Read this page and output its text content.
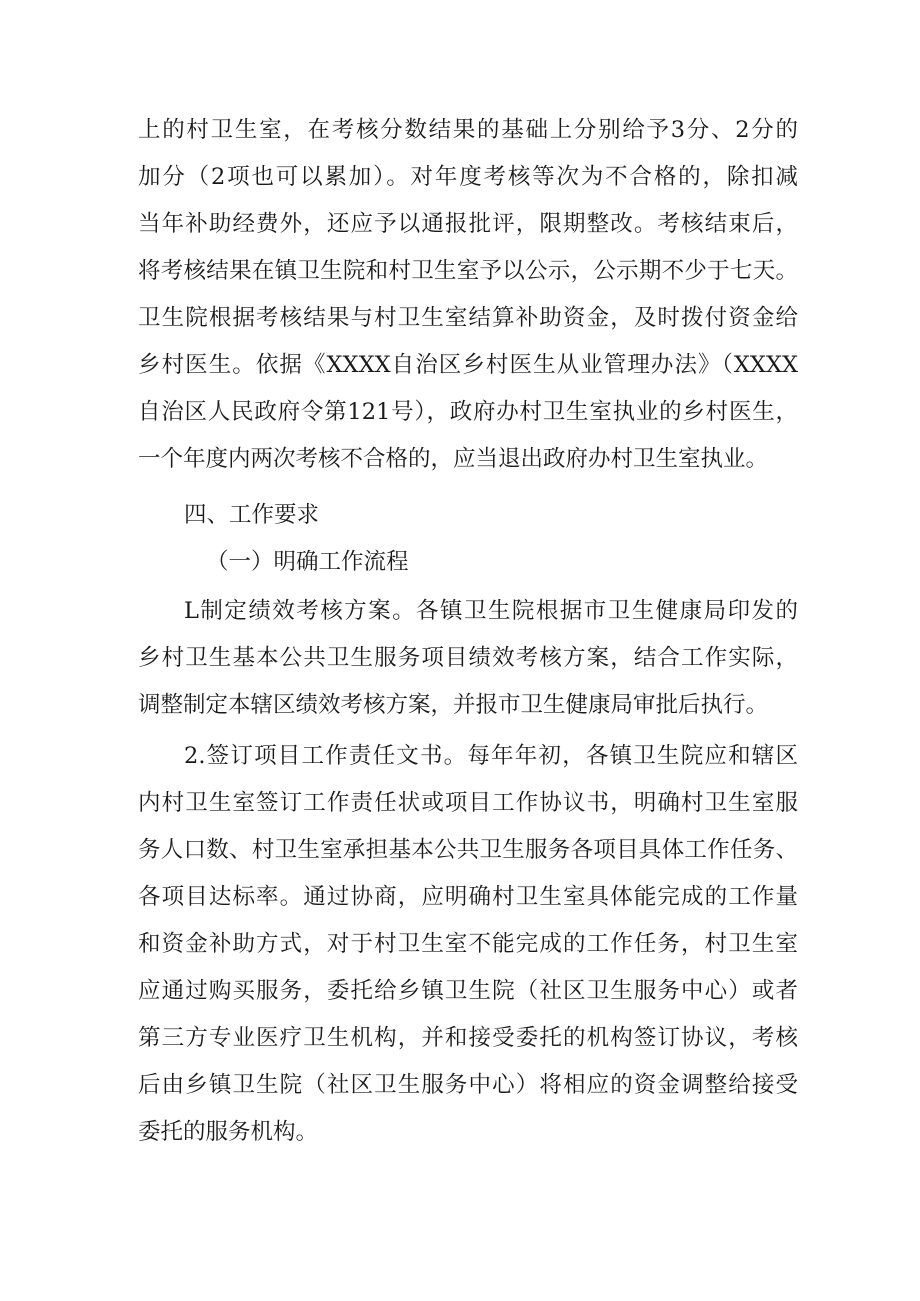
上的村卫生室，在考核分数结果的基础上分别给予3分、2分的
加分（2项也可以累加）。对年度考核等次为不合格的，除扣减
当年补助经费外，还应予以通报批评，限期整改。考核结束后，
将考核结果在镇卫生院和村卫生室予以公示，公示期不少于七天。
卫生院根据考核结果与村卫生室结算补助资金，及时拨付资金给
乡村医生。依据《XXXX自治区乡村医生从业管理办法》（XXXX
自治区人民政府令第121号），政府办村卫生室执业的乡村医生，
一个年度内两次考核不合格的，应当退出政府办村卫生室执业。
四、工作要求
（一）明确工作流程
L制定绩效考核方案。各镇卫生院根据市卫生健康局印发的
乡村卫生基本公共卫生服务项目绩效考核方案，结合工作实际，
调整制定本辖区绩效考核方案，并报市卫生健康局审批后执行。
2.签订项目工作责任文书。每年年初，各镇卫生院应和辖区
内村卫生室签订工作责任状或项目工作协议书，明确村卫生室服
务人口数、村卫生室承担基本公共卫生服务各项目具体工作任务、
各项目达标率。通过协商，应明确村卫生室具体能完成的工作量
和资金补助方式，对于村卫生室不能完成的工作任务，村卫生室
应通过购买服务，委托给乡镇卫生院（社区卫生服务中心）或者
第三方专业医疗卫生机构，并和接受委托的机构签订协议，考核
后由乡镇卫生院（社区卫生服务中心）将相应的资金调整给接受
委托的服务机构。
